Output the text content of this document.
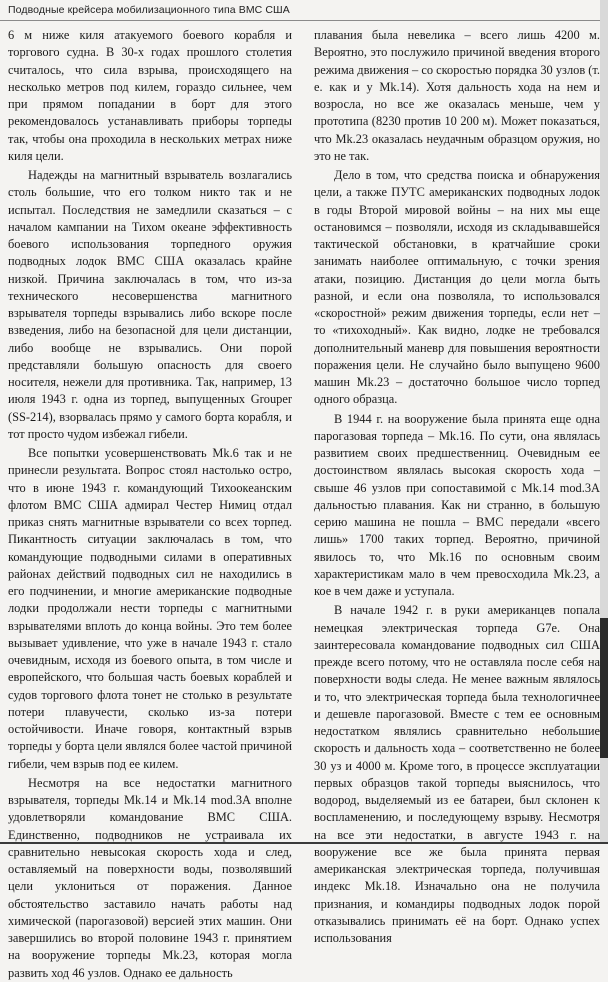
Подводные крейсера мобилизационного типа ВМС США

6 м ниже киля атакуемого боевого корабля и торгового судна. В 30-х годах прошлого столетия считалось, что сила взрыва, происходящего на несколько метров под килем, гораздо сильнее, чем при прямом попадании в борт для этого рекомендовалось устанавливать приборы торпеды так, чтобы она проходила в нескольких метрах ниже киля цели.

Надежды на магнитный взрыватель возлагались столь большие, что его толком никто так и не испытал. Последствия не замедлили сказаться – с началом кампании на Тихом океане эффективность боевого использования торпедного оружия подводных лодок ВМС США оказалась крайне низкой. Причина заключалась в том, что из-за технического несовершенства магнитного взрывателя торпеды взрывались либо вскоре после взведения, либо на безопасной для цели дистанции, либо вообще не взрывались. Они порой представляли большую опасность для своего носителя, нежели для противника. Так, например, 13 июля 1943 г. одна из торпед, выпущенных Grouper (SS-214), взорвалась прямо у самого борта корабля, и тот просто чудом избежал гибели.

Все попытки усовершенствовать Mk.6 так и не принесли результата. Вопрос стоял настолько остро, что в июне 1943 г. командующий Тихоокеанским флотом ВМС США адмирал Честер Нимиц отдал приказ снять магнитные взрыватели со всех торпед. Пикантность ситуации заключалась в том, что командующие подводными силами в оперативных районах действий подводных сил не находились в его подчинении, и многие американские подводные лодки продолжали нести торпеды с магнитными взрывателями вплоть до конца войны. Это тем более вызывает удивление, что уже в начале 1943 г. стало очевидным, исходя из боевого опыта, в том числе и европейского, что большая часть боевых кораблей и судов торгового флота тонет не столько в результате потери плавучести, сколько из-за потери остойчивости. Иначе говоря, контактный взрыв торпеды у борта цели являлся более частой причиной гибели, чем взрыв под ее килем.

Несмотря на все недостатки магнитного взрывателя, торпеды Mk.14 и Mk.14 mod.3A вполне удовлетворяли командование ВМС США. Единственно, подводников не устраивала их сравнительно невысокая скорость хода и след, оставляемый на поверхности воды, позволявший цели уклониться от поражения. Данное обстоятельство заставило начать работы над химической (парогазовой) версией этих машин. Они завершились во второй половине 1943 г. принятием на вооружение торпеды Mk.23, которая могла развить ход 46 узлов. Однако ее дальность

плавания была невелика – всего лишь 4200 м. Вероятно, это послужило причиной введения второго режима движения – со скоростью порядка 30 узлов (т. е. как и у Mk.14). Хотя дальность хода на нем и возросла, но все же оказалась меньше, чем у прототипа (8230 против 10 200 м). Может показаться, что Mk.23 оказалась неудачным образцом оружия, но это не так.

Дело в том, что средства поиска и обнаружения цели, а также ПУТС американских подводных лодок в годы Второй мировой войны – на них мы еще остановимся – позволяли, исходя из складывавшейся тактической обстановки, в кратчайшие сроки занимать наиболее оптимальную, с точки зрения атаки, позицию. Дистанция до цели могла быть разной, и если она позволяла, то использовался «скоростной» режим движения торпеды, если нет – то «тихоходный». Как видно, лодке не требовался дополнительный маневр для повышения вероятности поражения цели. Не случайно было выпущено 9600 машин Mk.23 – достаточно большое число торпед одного образца.

В 1944 г. на вооружение была принята еще одна парогазовая торпеда – Mk.16. По сути, она являлась развитием своих предшественниц. Очевидным ее достоинством являлась высокая скорость хода – свыше 46 узлов при сопоставимой с Mk.14 mod.3A дальностью плавания. Как ни странно, в большую серию машина не пошла – ВМС передали «всего лишь» 1700 таких торпед. Вероятно, причиной явилось то, что Mk.16 по основным своим характеристикам мало в чем превосходила Mk.23, а кое в чем даже и уступала.

В начале 1942 г. в руки американцев попала немецкая электрическая торпеда G7e. Она заинтересовала командование подводных сил США прежде всего потому, что не оставляла после себя на поверхности воды следа. Не менее важным являлось и то, что электрическая торпеда была технологичнее и дешевле парогазовой. Вместе с тем ее основным недостатком являлись сравнительно небольшие скорость и дальность хода – соответственно не более 30 уз и 4000 м. Кроме того, в процессе эксплуатации первых образцов такой торпеды выяснилось, что водород, выделяемый из ее батареи, был склонен к воспламенению, и последующему взрыву. Несмотря на все эти недостатки, в августе 1943 г. на вооружение все же была принята первая американская электрическая торпеда, получившая индекс Mk.18. Изначально она не получила признания, и командиры подводных лодок порой отказывались принимать её на борт. Однако успех использования
